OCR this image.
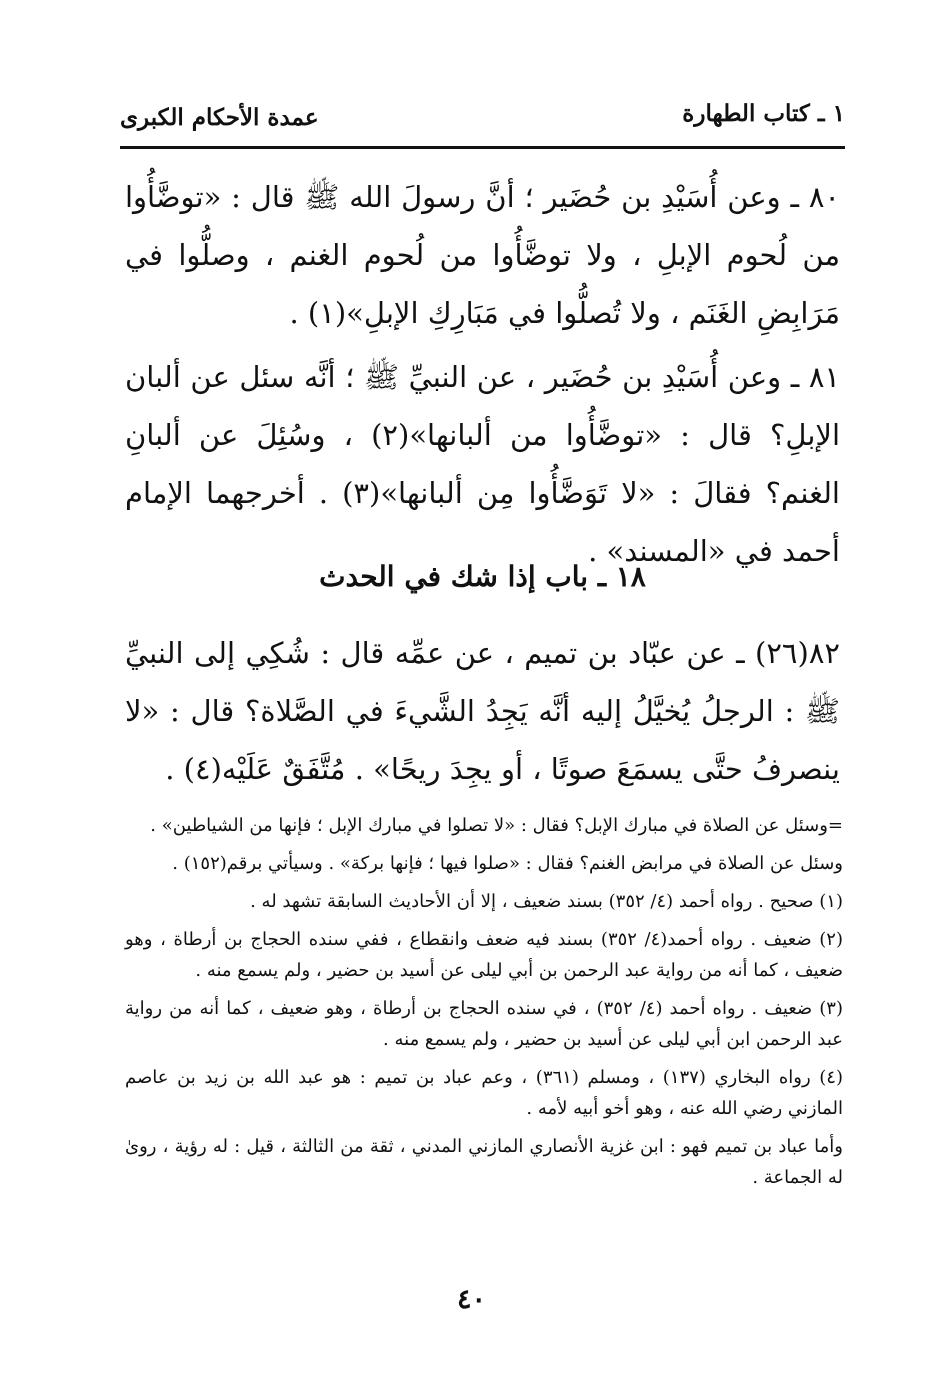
١ ـ كتاب الطهارة
عمدة الأحكام الكبرى

٨٠ ـ وعن أُسَيْدِ بن حُضَير ؛ أنَّ رسولَ الله ﷺ قال : «توضَّأُوا من لُحوم الإبلِ ، ولا توضَّأُوا من لُحوم الغنم ، وصلُّوا في مَرَابِضِ الغَنَم ، ولا تُصلُّوا في مَبَارِكِ الإبلِ»(١) .

٨١ ـ وعن أُسَيْدِ بن حُضَير ، عن النبيِّ ﷺ ؛ أنَّه سئل عن ألبان الإبلِ؟ قال : «توضَّأُوا من ألبانها»(٢) ، وسُئِلَ عن ألبانِ الغنم؟ فقالَ : «لا تَوَضَّأُوا مِن ألبانها»(٣) . أخرجهما الإمام أحمد في «المسند» .

١٨ ـ باب إذا شك في الحدث

٨٢(٢٦) ـ عن عبّاد بن تميم ، عن عمِّه قال : شُكِي إلى النبيِّ ﷺ : الرجلُ يُخيَّلُ إليه أنَّه يَجِدُ الشَّيءَ في الصَّلاة؟ قال : «لا ينصرفُ حتَّى يسمَعَ صوتًا ، أو يجِدَ ريحًا» . مُتَّفَقٌ عَلَيْه(٤) .

=وسئل عن الصلاة في مبارك الإبل؟ فقال : «لا تصلوا في مبارك الإبل ؛ فإنها من الشياطين» .

وسئل عن الصلاة في مرابض الغنم؟ فقال : «صلوا فيها ؛ فإنها بركة» . وسيأتي برقم(١٥٢) .

(١) صحيح . رواه أحمد (٤/ ٣٥٢) بسند ضعيف ، إلا أن الأحاديث السابقة تشهد له .

(٢) ضعيف . رواه أحمد(٤/ ٣٥٢) بسند فيه ضعف وانقطاع ، ففي سنده الحجاج بن أرطاة ، وهو ضعيف ، كما أنه من رواية عبد الرحمن بن أبي ليلى عن أسيد بن حضير ، ولم يسمع منه .

(٣) ضعيف . رواه أحمد (٤/ ٣٥٢) ، في سنده الحجاج بن أرطاة ، وهو ضعيف ، كما أنه من رواية عبد الرحمن ابن أبي ليلى عن أسيد بن حضير ، ولم يسمع منه .

(٤) رواه البخاري (١٣٧) ، ومسلم (٣٦١) ، وعم عباد بن تميم : هو عبد الله بن زيد بن عاصم المازني رضي الله عنه ، وهو أخو أبيه لأمه .

وأما عباد بن تميم فهو : ابن غزية الأنصاري المازني المدني ، ثقة من الثالثة ، قيل : له رؤية ، روىٰ له الجماعة .

٤٠
